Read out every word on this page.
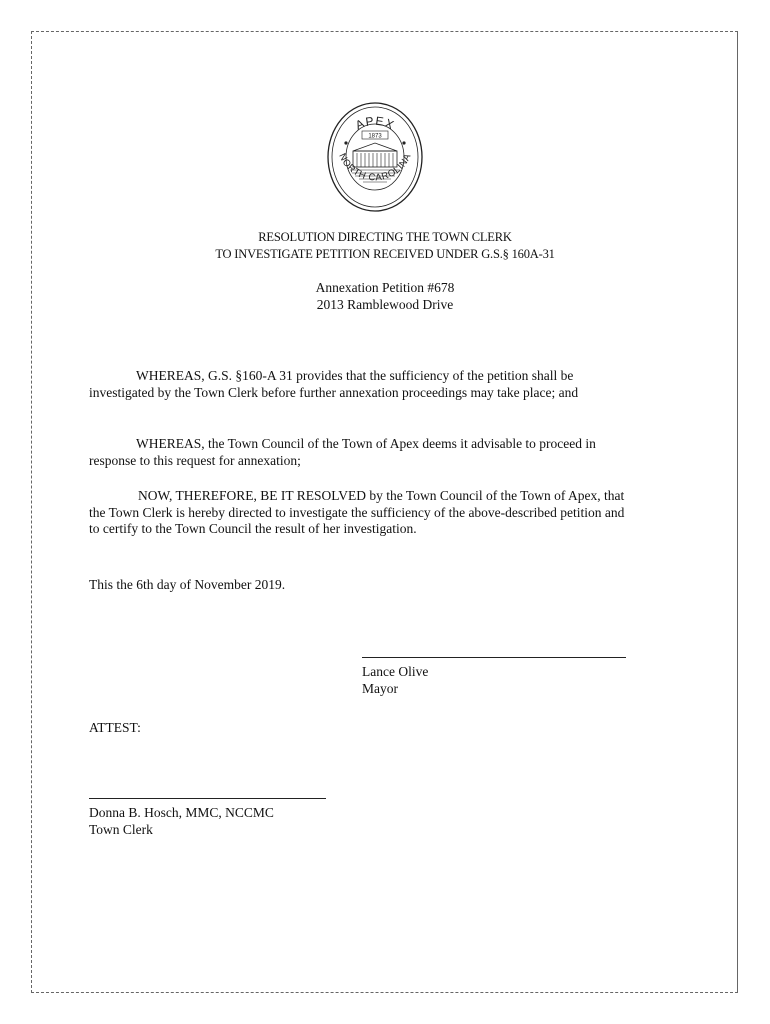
APEX
NORTH CAROLINA
1873
RESOLUTION DIRECTING THE TOWN CLERK
TO INVESTIGATE PETITION RECEIVED UNDER G.S.§ 160A-31
Annexation Petition #678
2013 Ramblewood Drive
WHEREAS, G.S. §160-A 31 provides that the sufficiency of the petition shall be investigated by the Town Clerk before further annexation proceedings may take place; and
WHEREAS, the Town Council of the Town of Apex deems it advisable to proceed in response to this request for annexation;
NOW, THEREFORE, BE IT RESOLVED by the Town Council of the Town of Apex, that the Town Clerk is hereby directed to investigate the sufficiency of the above-described petition and to certify to the Town Council the result of her investigation.
This the 6th day of November 2019.
Lance Olive
Mayor
ATTEST:
Donna B. Hosch, MMC, NCCMC
Town Clerk
